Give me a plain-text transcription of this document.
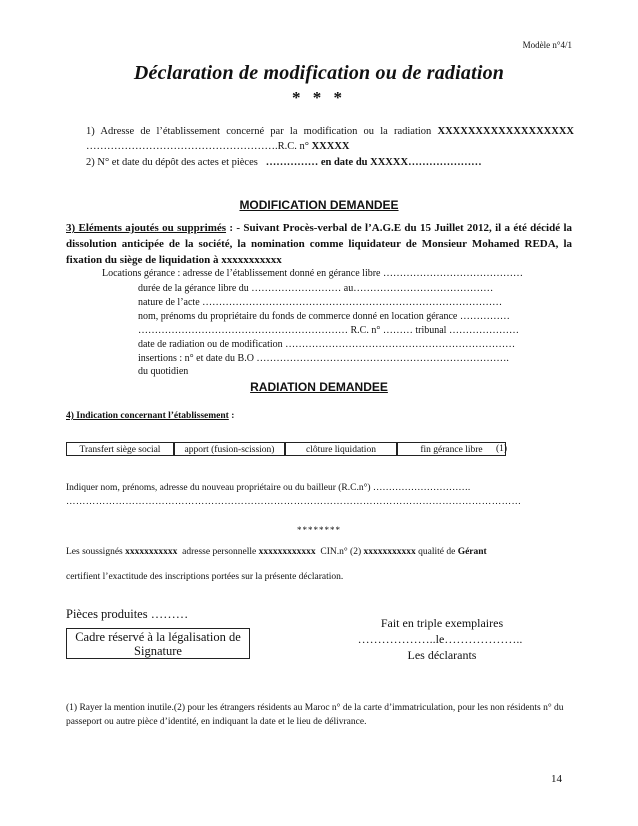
Modèle n°4/1
Déclaration de modification ou de radiation
* * *
1) Adresse de l’établissement concerné par la modification ou la radiation XXXXXXXXXXXXXXXXXX
……………………………………………….R.C. n° XXXXX
2) N° et date du dépôt des actes et pièces …………… en date du XXXXX…………………
MODIFICATION DEMANDEE
3) Eléments ajoutés ou supprimés : - Suivant Procès-verbal de l’A.G.E du 15 Juillet 2012, il a été décidé la dissolution anticipée de la société, la nomination comme liquidateur de Monsieur Mohamed REDA, la fixation du siège de liquidation à xxxxxxxxxxx
Locations gérance : adresse de l’établissement donné en gérance libre ……………………………………
durée de la gérance libre du ……………………… au……………………………………
nature de l’acte ………………………………………………………………………………
nom, prénoms du propriétaire du fonds de commerce donné en location gérance ……………
……………………………………………………… R.C. n° ……… tribunal …………………
date de radiation ou de modification ……………………………………………………………
insertions : n° et date du B.O ………………………………………………………………….
du quotidien
RADIATION DEMANDEE
4) Indication concernant l’établissement :
Transfert siège social	apport (fusion-scission)	clôture liquidation	fin gérance libre	(1)
Indiquer nom, prénoms, adresse du nouveau propriétaire ou du bailleur (R.C.n°) ………………………….
…………………………………………………………………………………………………………………………
********
Les soussignés xxxxxxxxxxx adresse personnelle xxxxxxxxxxxx CIN.n° (2) xxxxxxxxxxx qualité de Gérant
certifient l’exactitude des inscriptions portées sur la présente déclaration.
Pièces produites ………
Fait en triple exemplaires
………………..le………………..
Les déclarants
Cadre réservé à la légalisation de Signature
(1) Rayer la mention inutile.(2) pour les étrangers résidents au Maroc n° de la carte d’immatriculation, pour les non résidents n° du passeport ou autre pièce d’identité, en indiquant la date et le lieu de délivrance.
14
